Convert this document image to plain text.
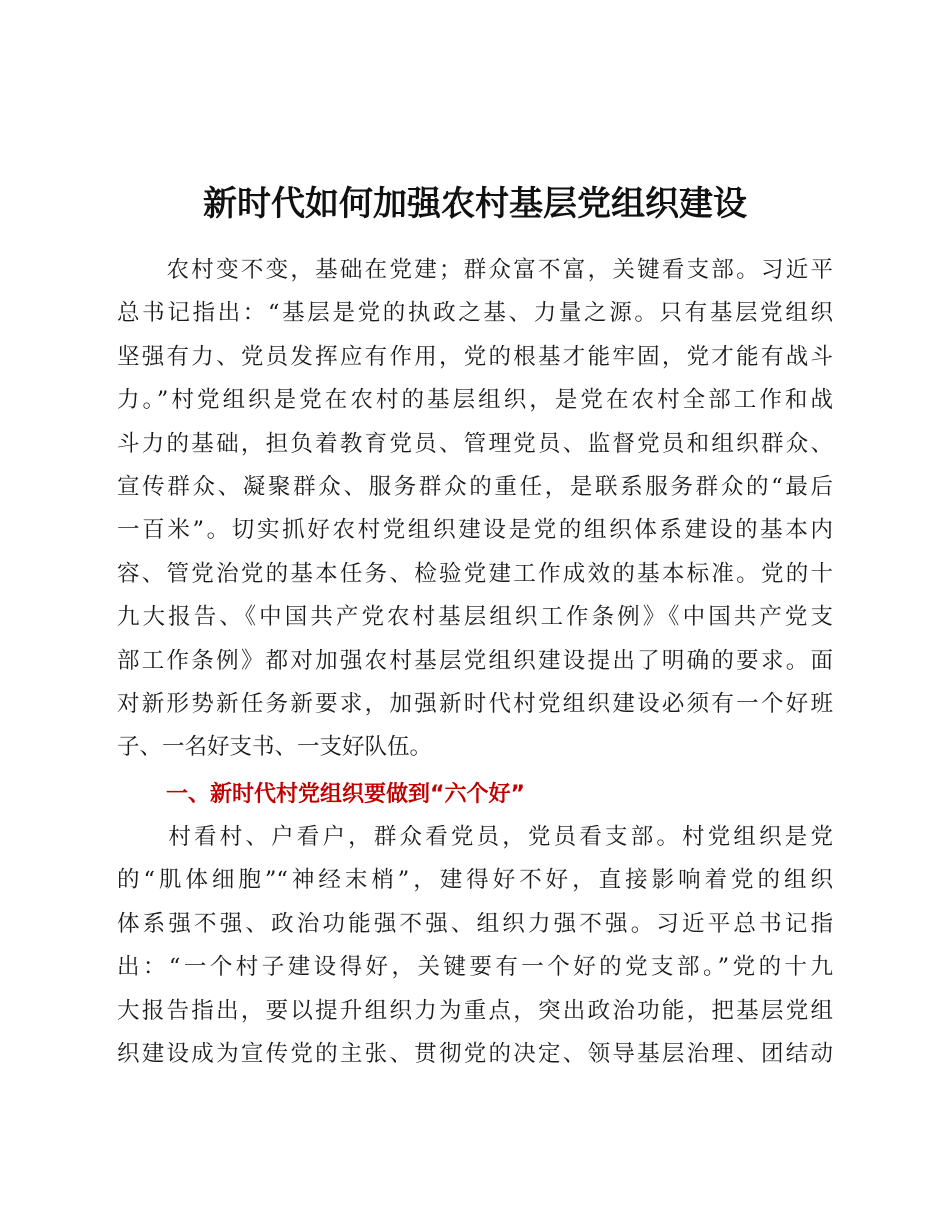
新时代如何加强农村基层党组织建设
　　农村变不变，基础在党建；群众富不富，关键看支部。习近平
总书记指出：“基层是党的执政之基、力量之源。只有基层党组织
坚强有力、党员发挥应有作用，党的根基才能牢固，党才能有战斗
力。”村党组织是党在农村的基层组织，是党在农村全部工作和战
斗力的基础，担负着教育党员、管理党员、监督党员和组织群众、
宣传群众、凝聚群众、服务群众的重任，是联系服务群众的“最后
一百米”。切实抓好农村党组织建设是党的组织体系建设的基本内
容、管党治党的基本任务、检验党建工作成效的基本标准。党的十
九大报告、《中国共产党农村基层组织工作条例》《中国共产党支
部工作条例》都对加强农村基层党组织建设提出了明确的要求。面
对新形势新任务新要求，加强新时代村党组织建设必须有一个好班
子、一名好支书、一支好队伍。
一、新时代村党组织要做到“六个好”
　　村看村、户看户，群众看党员，党员看支部。村党组织是党
的“肌体细胞”“神经末梢”，建得好不好，直接影响着党的组织
体系强不强、政治功能强不强、组织力强不强。习近平总书记指
出：“一个村子建设得好，关键要有一个好的党支部。”党的十九
大报告指出，要以提升组织力为重点，突出政治功能，把基层党组
织建设成为宣传党的主张、贯彻党的决定、领导基层治理、团结动
